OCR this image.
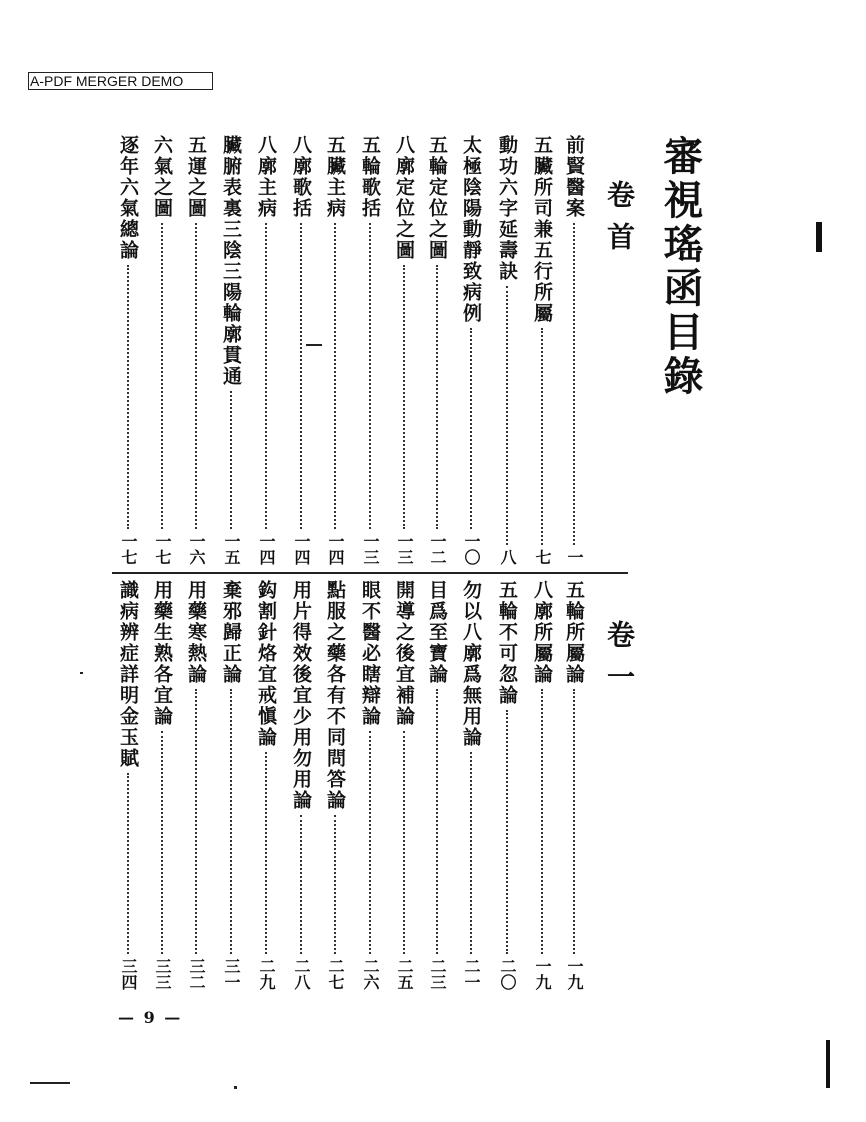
A-PDF MERGER DEMO
審視瑤函目錄
卷首
卷一
前賢醫案
一
五臟所司兼五行所屬
七
動功六字延壽訣
八
太極陰陽動靜致病例
一〇
五輪定位之圖
一二
八廓定位之圖
一三
五輪歌括
一三
五臟主病
一四
八廓歌括
一四
八廓主病
一四
臟腑表裏三陰三陽輪廓貫通
一五
五運之圖
一六
六氣之圖
一七
逐年六氣總論
一七
五輪所屬論
一九
八廓所屬論
一九
五輪不可忽論
二〇
勿以八廓爲無用論
二一
目爲至寶論
二三
開導之後宜補論
二五
眼不醫必瞎辯論
二六
點服之藥各有不同問答論
二七
用片得效後宜少用勿用論
二八
鈎割針烙宜戒愼論
二九
棄邪歸正論
三一
用藥寒熱論
三二
用藥生熟各宜論
三三
識病辨症詳明金玉賦
三四
— 9 —
